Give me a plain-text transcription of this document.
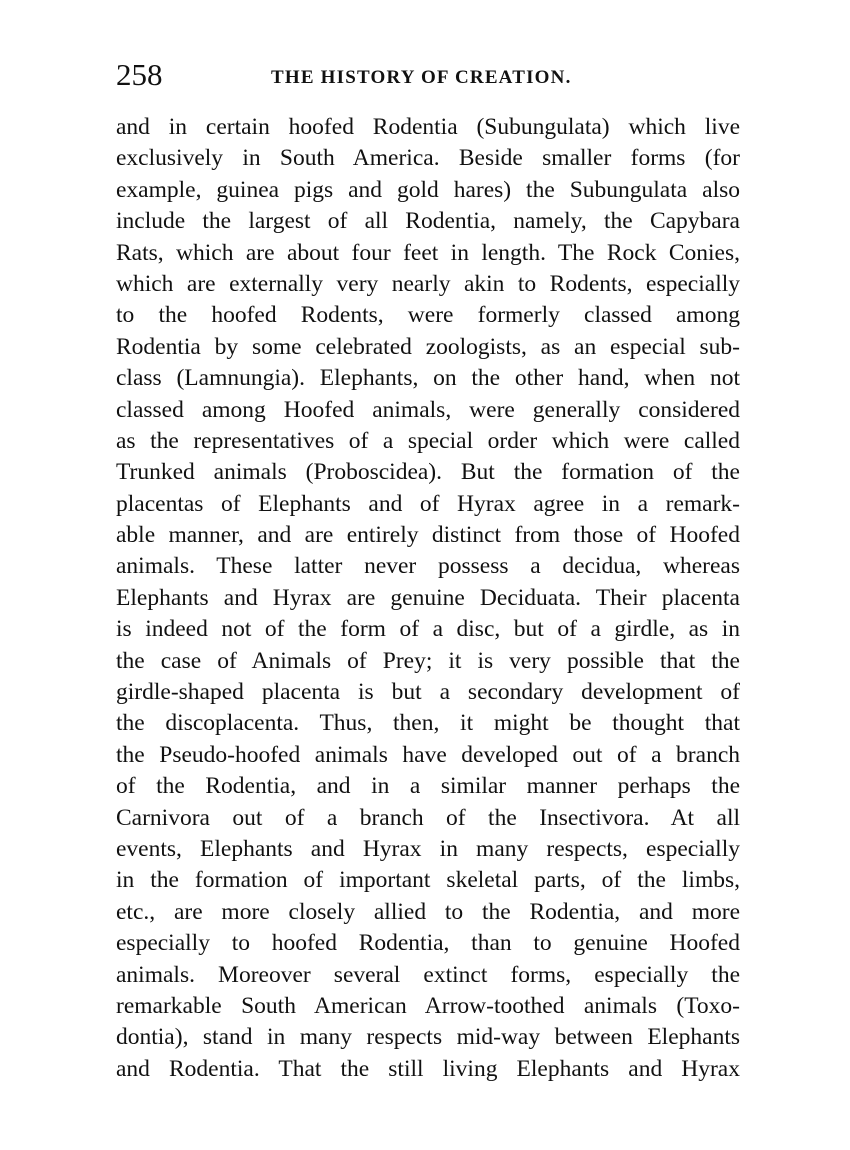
258	THE HISTORY OF CREATION.
and in certain hoofed Rodentia (Subungulata) which live
exclusively in South America. Beside smaller forms (for
example, guinea pigs and gold hares) the Subungulata also
include the largest of all Rodentia, namely, the Capybara
Rats, which are about four feet in length. The Rock Conies,
which are externally very nearly akin to Rodents, especially
to the hoofed Rodents, were formerly classed among
Rodentia by some celebrated zoologists, as an especial sub-
class (Lamnungia). Elephants, on the other hand, when not
classed among Hoofed animals, were generally considered
as the representatives of a special order which were called
Trunked animals (Proboscidea). But the formation of the
placentas of Elephants and of Hyrax agree in a remark-
able manner, and are entirely distinct from those of Hoofed
animals. These latter never possess a decidua, whereas
Elephants and Hyrax are genuine Deciduata. Their placenta
is indeed not of the form of a disc, but of a girdle, as in
the case of Animals of Prey; it is very possible that the
girdle-shaped placenta is but a secondary development of
the discoplacenta. Thus, then, it might be thought that
the Pseudo-hoofed animals have developed out of a branch
of the Rodentia, and in a similar manner perhaps the
Carnivora out of a branch of the Insectivora. At all
events, Elephants and Hyrax in many respects, especially
in the formation of important skeletal parts, of the limbs,
etc., are more closely allied to the Rodentia, and more
especially to hoofed Rodentia, than to genuine Hoofed
animals. Moreover several extinct forms, especially the
remarkable South American Arrow-toothed animals (Toxo-
dontia), stand in many respects mid-way between Elephants
and Rodentia. That the still living Elephants and Hyrax
